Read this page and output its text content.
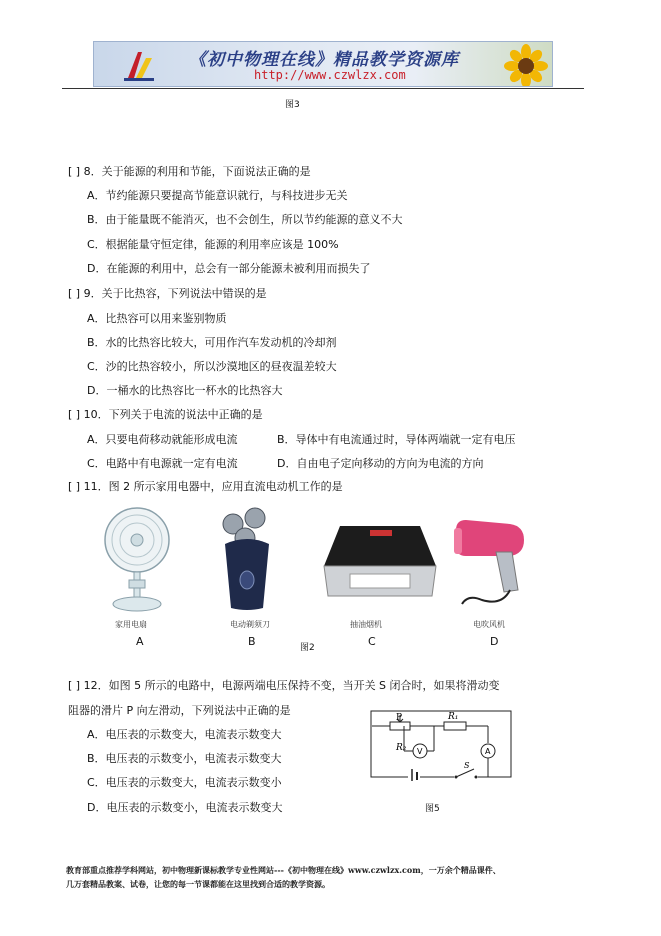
《初中物理在线》精品教学资源库
http://www.czwlzx.com
图3
[ ] 8．关于能源的利用和节能，下面说法正确的是
A．节约能源只要提高节能意识就行，与科技进步无关
B．由于能量既不能消灭，也不会创生，所以节约能源的意义不大
C．根据能量守恒定律，能源的利用率应该是 100%
D．在能源的利用中，总会有一部分能源未被利用而损失了
[ ] 9．关于比热容，下列说法中错误的是
A．比热容可以用来鉴别物质
B．水的比热容比较大，可用作汽车发动机的冷却剂
C．沙的比热容较小，所以沙漠地区的昼夜温差较大
D．一桶水的比热容比一杯水的比热容大
[ ] 10．下列关于电流的说法中正确的是
A．只要电荷移动就能形成电流	B．导体中有电流通过时，导体两端就一定有电压
C．电路中有电源就一定有电流	D．自由电子定向移动的方向为电流的方向
[ ] 11．图 2 所示家用电器中，应用直流电动机工作的是
家用电扇	电动剃须刀	抽油烟机	电吹风机
A	B	C	D
图2
[ ] 12．如图 5 所示的电路中，电源两端电压保持不变，当开关 S 闭合时，如果将滑动变
阻器的滑片 P 向左滑动，下列说法中正确的是
A．电压表的示数变大，电流表示数变大
B．电压表的示数变小，电流表示数变大
C．电压表的示数变大，电流表示数变小
D．电压表的示数变小，电流表示数变大
P	R₁
R₂ V	A
S
图5
教育部重点推荐学科网站，初中物理新课标教学专业性网站---《初中物理在线》www.czwlzx.com，一万余个精品课件、
几万套精品教案、试卷，让您的每一节课都能在这里找到合适的教学资源。
